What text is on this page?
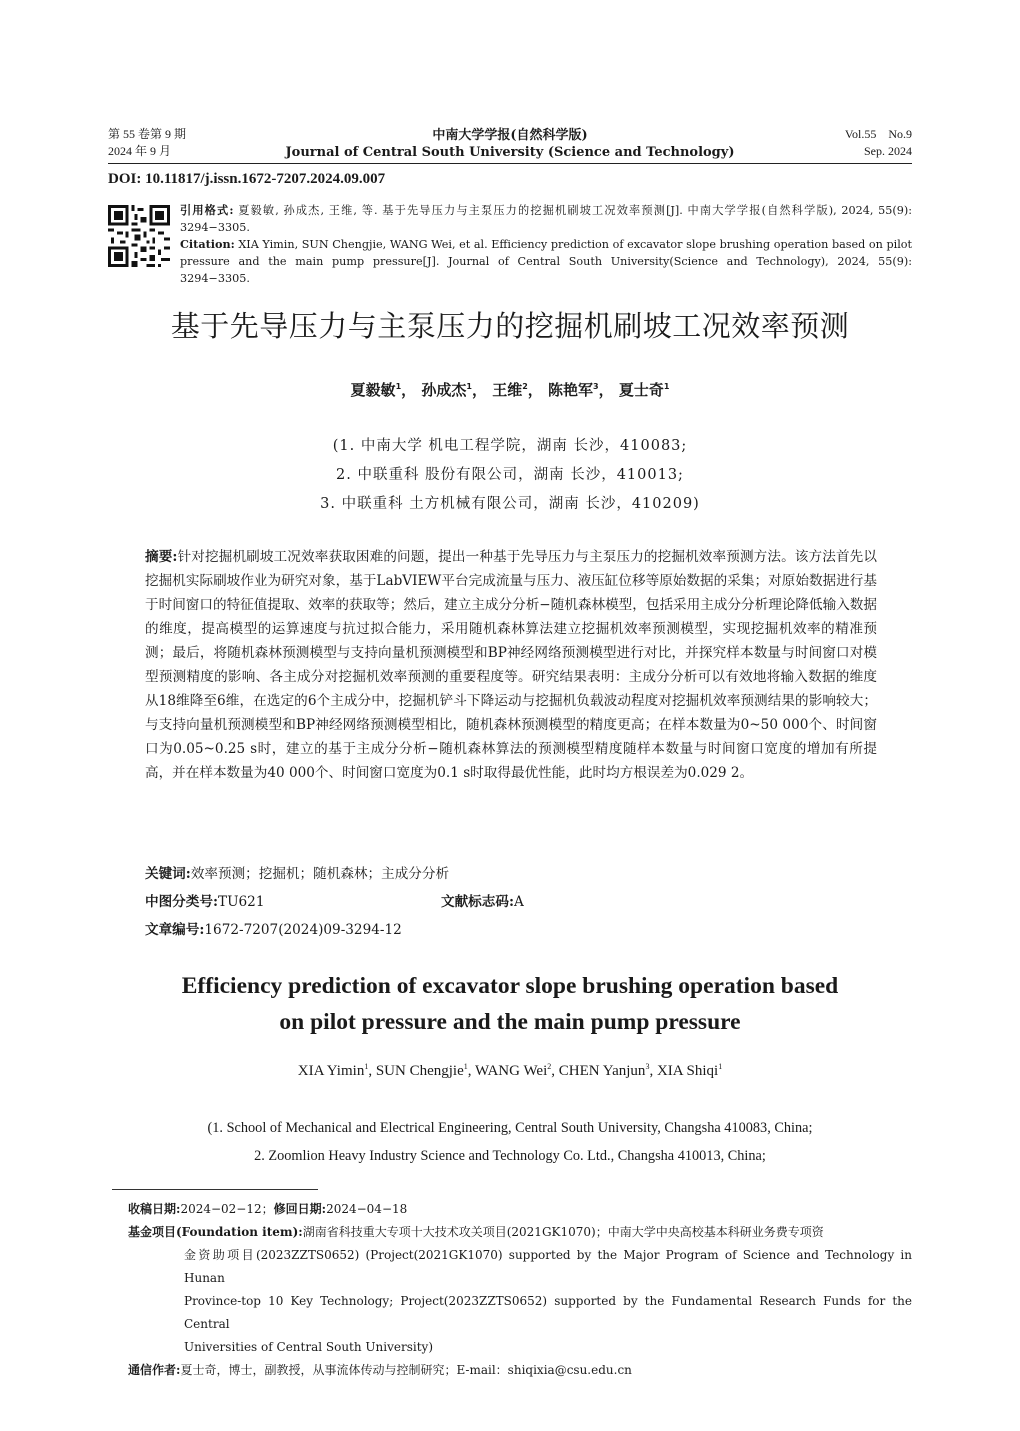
第 55 卷第 9 期
2024 年 9 月
中南大学学报(自然科学版)
Journal of Central South University (Science and Technology)
Vol.55    No.9
Sep. 2024
DOI: 10.11817/j.issn.1672-7207.2024.09.007
引用格式: 夏毅敏, 孙成杰, 王维, 等. 基于先导压力与主泵压力的挖掘机刷坡工况效率预测[J]. 中南大学学报(自然科学版), 2024, 55(9): 3294−3305.
Citation: XIA Yimin, SUN Chengjie, WANG Wei, et al. Efficiency prediction of excavator slope brushing operation based on pilot pressure and the main pump pressure[J]. Journal of Central South University(Science and Technology), 2024, 55(9): 3294−3305.
基于先导压力与主泵压力的挖掘机刷坡工况效率预测
夏毅敏$^1$， 孙成杰$^1$， 王维$^2$， 陈艳军$^3$， 夏士奇$^1$
(1. 中南大学 机电工程学院，湖南 长沙，410083;
2. 中联重科 股份有限公司，湖南 长沙，410013;
3. 中联重科 土方机械有限公司，湖南 长沙，410209)
摘要:针对挖掘机刷坡工况效率获取困难的问题，提出一种基于先导压力与主泵压力的挖掘机效率预测方法。该方法首先以挖掘机实际刷坡作业为研究对象，基于LabVIEW平台完成流量与压力、液压缸位移等原始数据的采集；对原始数据进行基于时间窗口的特征值提取、效率的获取等；然后，建立主成分分析−随机森林模型，包括采用主成分分析理论降低输入数据的维度，提高模型的运算速度与抗过拟合能力，采用随机森林算法建立挖掘机效率预测模型，实现挖掘机效率的精准预测；最后，将随机森林预测模型与支持向量机预测模型和BP神经网络预测模型进行对比，并探究样本数量与时间窗口对模型预测精度的影响、各主成分对挖掘机效率预测的重要程度等。研究结果表明：主成分分析可以有效地将输入数据的维度从18维降至6维，在选定的6个主成分中，挖掘机铲斗下降运动与挖掘机负载波动程度对挖掘机效率预测结果的影响较大；与支持向量机预测模型和BP神经网络预测模型相比，随机森林预测模型的精度更高；在样本数量为0~50 000个、时间窗口为0.05~0.25 s时，建立的基于主成分分析−随机森林算法的预测模型精度随样本数量与时间窗口宽度的增加有所提高，并在样本数量为40 000个、时间窗口宽度为0.1 s时取得最优性能，此时均方根误差为0.029 2。
关键词:效率预测；挖掘机；随机森林；主成分分析
中图分类号:TU621	文献标志码:A
文章编号:1672-7207(2024)09-3294-12
Efficiency prediction of excavator slope brushing operation based
on pilot pressure and the main pump pressure
XIA Yimin$^1$, SUN Chengjie$^1$, WANG Wei$^2$, CHEN Yanjun$^3$, XIA Shiqi$^1$
(1. School of Mechanical and Electrical Engineering, Central South University, Changsha 410083, China;
2. Zoomlion Heavy Industry Science and Technology Co. Ltd., Changsha 410013, China;
收稿日期:2024−02−12；修回日期:2024−04−18
基金项目(Foundation item):湖南省科技重大专项十大技术攻关项目(2021GK1070)；中南大学中央高校基本科研业务费专项资
金资助项目(2023ZZTS0652) (Project(2021GK1070) supported by the Major Program of Science and Technology in Hunan
Province-top 10 Key Technology; Project(2023ZZTS0652) supported by the Fundamental Research Funds for the Central
Universities of Central South University)
通信作者:夏士奇，博士，副教授，从事流体传动与控制研究；E-mail：shiqixia@csu.edu.cn
